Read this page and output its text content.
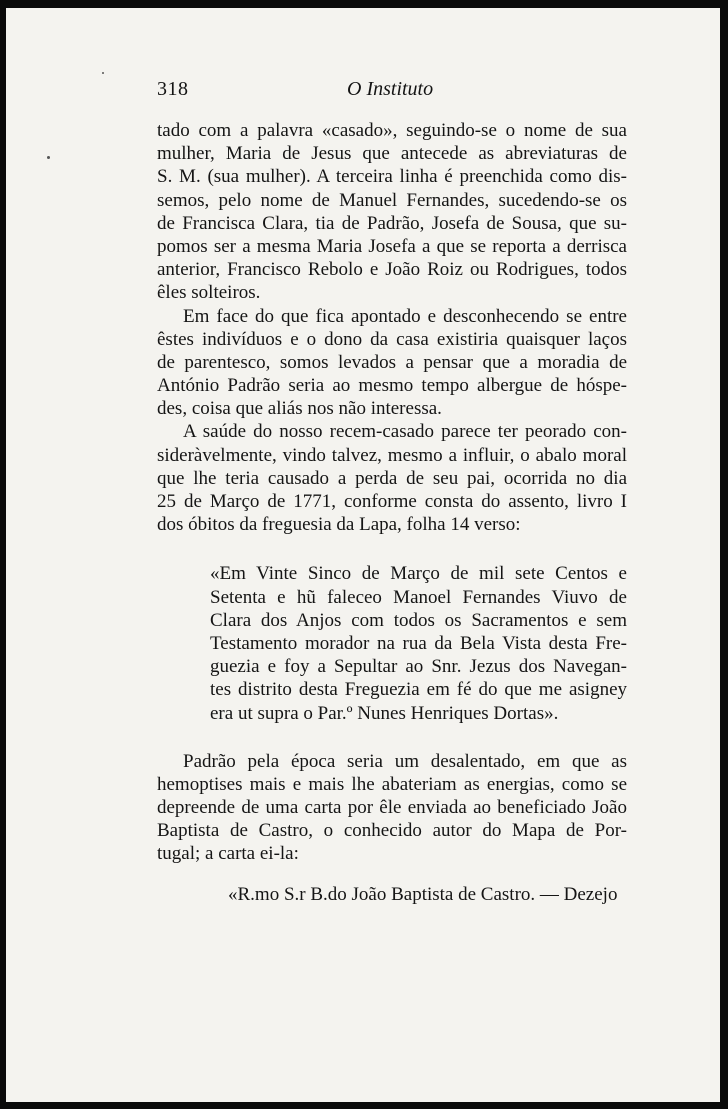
318	O Instituto
tado com a palavra «casado», seguindo-se o nome de sua
mulher, Maria de Jesus que antecede as abreviaturas de
S. M. (sua mulher). A terceira linha é preenchida como dis-
semos, pelo nome de Manuel Fernandes, sucedendo-se os
de Francisca Clara, tia de Padrão, Josefa de Sousa, que su-
pomos ser a mesma Maria Josefa a que se reporta a derrisca
anterior, Francisco Rebolo e João Roiz ou Rodrigues, todos
êles solteiros.
Em face do que fica apontado e desconhecendo se entre
êstes indivíduos e o dono da casa existiria quaisquer laços
de parentesco, somos levados a pensar que a moradia de
António Padrão seria ao mesmo tempo albergue de hóspe-
des, coisa que aliás nos não interessa.
A saúde do nosso recem-casado parece ter peorado con-
sideràvelmente, vindo talvez, mesmo a influir, o abalo moral
que lhe teria causado a perda de seu pai, ocorrida no dia
25 de Março de 1771, conforme consta do assento, livro I
dos óbitos da freguesia da Lapa, folha 14 verso:
«Em Vinte Sinco de Março de mil sete Centos e
Setenta e hũ faleceo Manoel Fernandes Viuvo de
Clara dos Anjos com todos os Sacramentos e sem
Testamento morador na rua da Bela Vista desta Fre-
guezia e foy a Sepultar ao Snr. Jezus dos Navegan-
tes distrito desta Freguezia em fé do que me asigney
era ut supra o Par.º Nunes Henriques Dortas».
Padrão pela época seria um desalentado, em que as
hemoptises mais e mais lhe abateriam as energias, como se
depreende de uma carta por êle enviada ao beneficiado João
Baptista de Castro, o conhecido autor do Mapa de Por-
tugal; a carta ei-la:
«R.mo S.r B.do João Baptista de Castro. — Dezejo
